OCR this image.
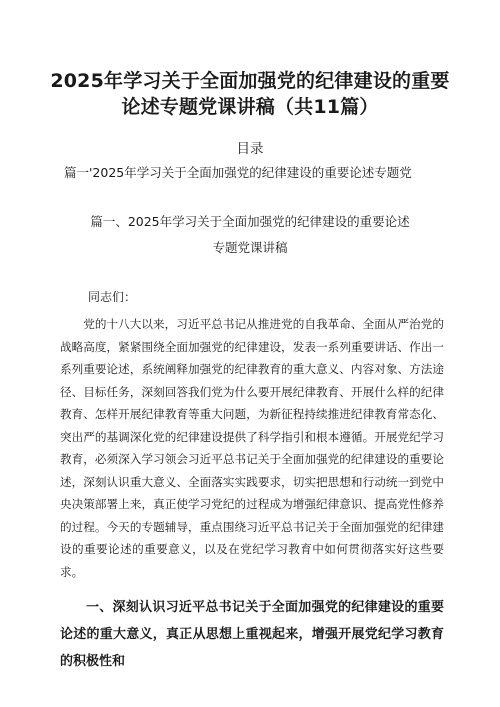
2025年学习关于全面加强党的纪律建设的重要
论述专题党课讲稿（共11篇）
目录
篇一'2025年学习关于全面加强党的纪律建设的重要论述专题党
篇一、2025年学习关于全面加强党的纪律建设的重要论述
专题党课讲稿
同志们：
党的十八大以来，习近平总书记从推进党的自我革命、全面从严治党的战略高度，紧紧围绕全面加强党的纪律建设，发表一系列重要讲话、作出一系列重要论述，系统阐释加强党的纪律教育的重大意义、内容对象、方法途径、目标任务，深刻回答我们党为什么要开展纪律教育、开展什么样的纪律教育、怎样开展纪律教育等重大问题，为新征程持续推进纪律教育常态化、突出严的基调深化党的纪律建设提供了科学指引和根本遵循。开展党纪学习教育，必须深入学习领会习近平总书记关于全面加强党的纪律建设的重要论述，深刻认识重大意义、全面落实实践要求，切实把思想和行动统一到党中央决策部署上来，真正使学习党纪的过程成为增强纪律意识、提高党性修养的过程。今天的专题辅导，重点围绕习近平总书记关于全面加强党的纪律建设的重要论述的重要意义，以及在党纪学习教育中如何贯彻落实好这些要求。
一、深刻认识习近平总书记关于全面加强党的纪律建设的重要论述的重大意义，真正从思想上重视起来，增强开展党纪学习教育的积极性和
